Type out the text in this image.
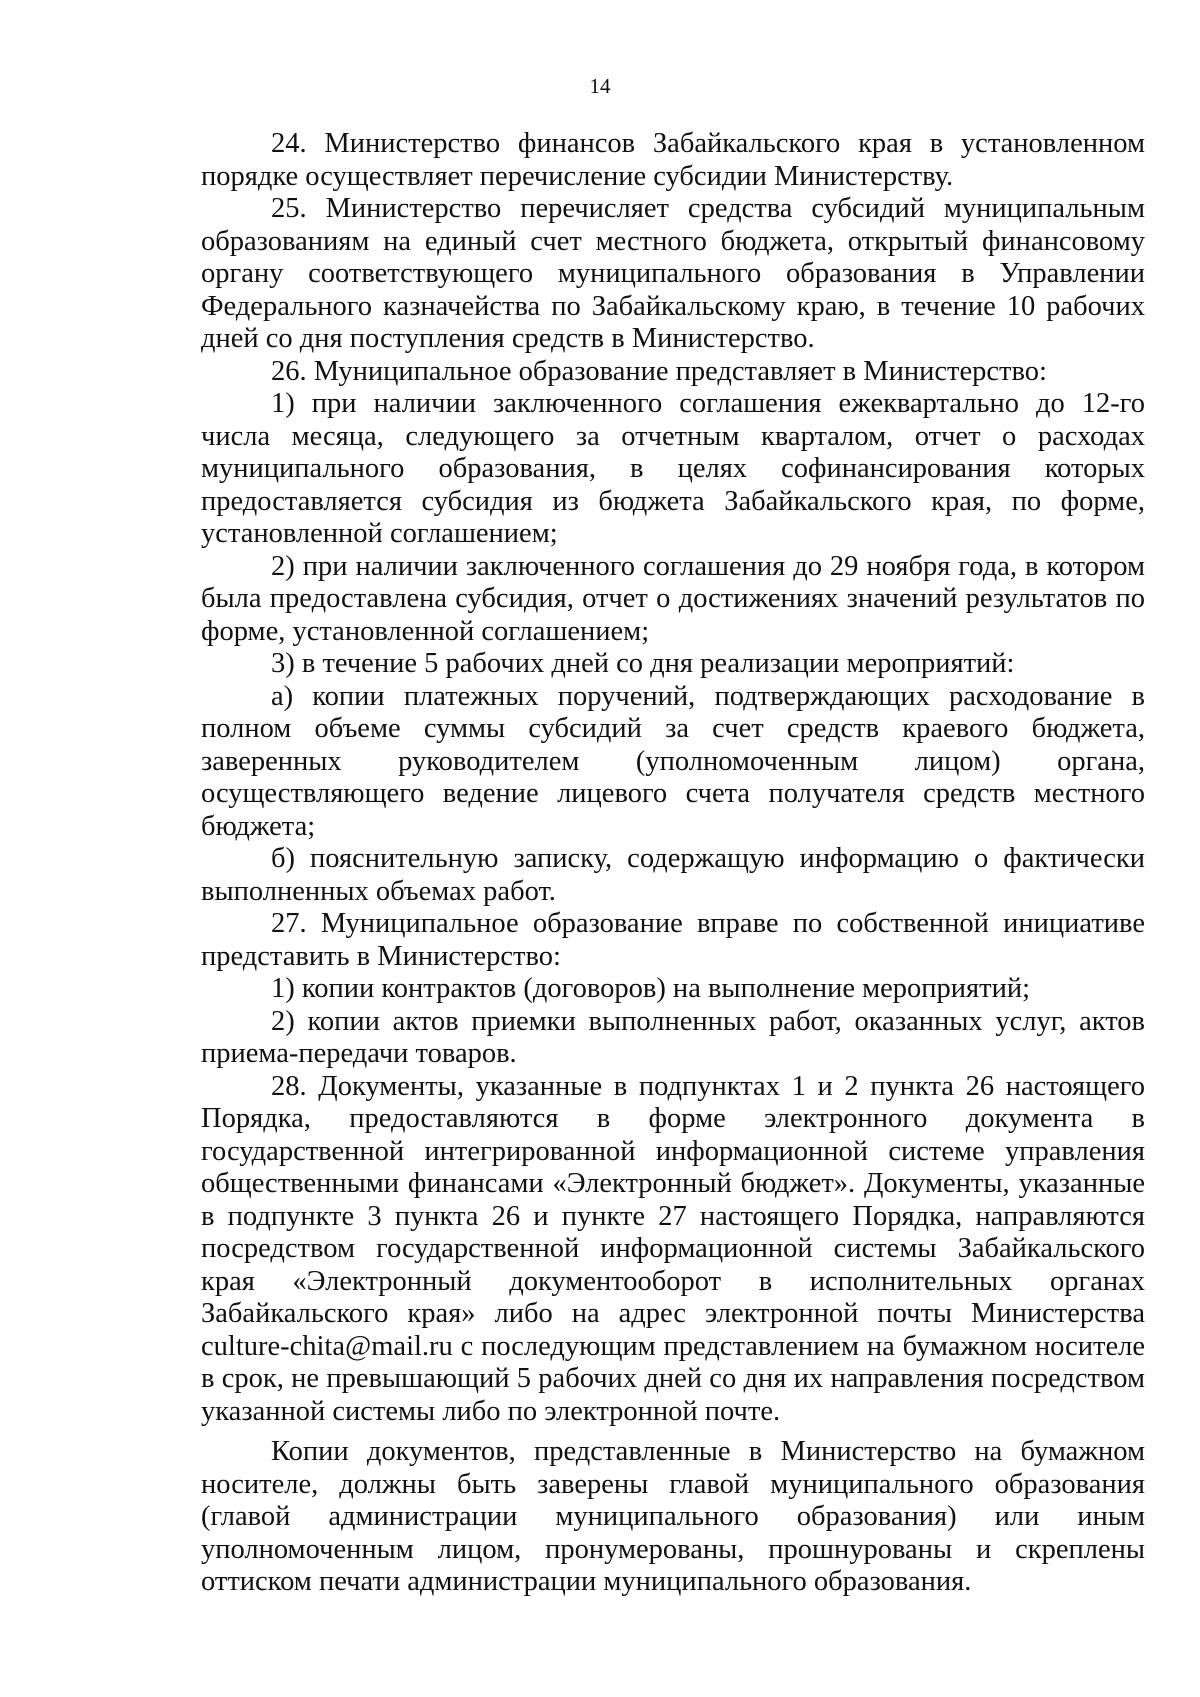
14

24. Министерство финансов Забайкальского края в установленном порядке осуществляет перечисление субсидии Министерству.

25. Министерство перечисляет средства субсидий муниципальным образованиям на единый счет местного бюджета, открытый финансовому органу соответствующего муниципального образования в Управлении Федерального казначейства по Забайкальскому краю, в течение 10 рабочих дней со дня поступления средств в Министерство.

26. Муниципальное образование представляет в Министерство:

1) при наличии заключенного соглашения ежеквартально до 12-го числа месяца, следующего за отчетным кварталом, отчет о расходах муниципального образования, в целях софинансирования которых предоставляется субсидия из бюджета Забайкальского края, по форме, установленной соглашением;

2) при наличии заключенного соглашения до 29 ноября года, в котором была предоставлена субсидия, отчет о достижениях значений результатов по форме, установленной соглашением;

3) в течение 5 рабочих дней со дня реализации мероприятий:

а) копии платежных поручений, подтверждающих расходование в полном объеме суммы субсидий за счет средств краевого бюджета, заверенных руководителем (уполномоченным лицом) органа, осуществляющего ведение лицевого счета получателя средств местного бюджета;

б) пояснительную записку, содержащую информацию о фактически выполненных объемах работ.

27. Муниципальное образование вправе по собственной инициативе представить в Министерство:

1) копии контрактов (договоров) на выполнение мероприятий;

2) копии актов приемки выполненных работ, оказанных услуг, актов приема-передачи товаров.

28. Документы, указанные в подпунктах 1 и 2 пункта 26 настоящего Порядка, предоставляются в форме электронного документа в государственной интегрированной информационной системе управления общественными финансами «Электронный бюджет». Документы, указанные в подпункте 3 пункта 26 и пункте 27 настоящего Порядка, направляются посредством государственной информационной системы Забайкальского края «Электронный документооборот в исполнительных органах Забайкальского края» либо на адрес электронной почты Министерства culture-chita@mail.ru с последующим представлением на бумажном носителе в срок, не превышающий 5 рабочих дней со дня их направления посредством указанной системы либо по электронной почте.

Копии документов, представленные в Министерство на бумажном носителе, должны быть заверены главой муниципального образования (главой администрации муниципального образования) или иным уполномоченным лицом, пронумерованы, прошнурованы и скреплены оттиском печати администрации муниципального образования.
